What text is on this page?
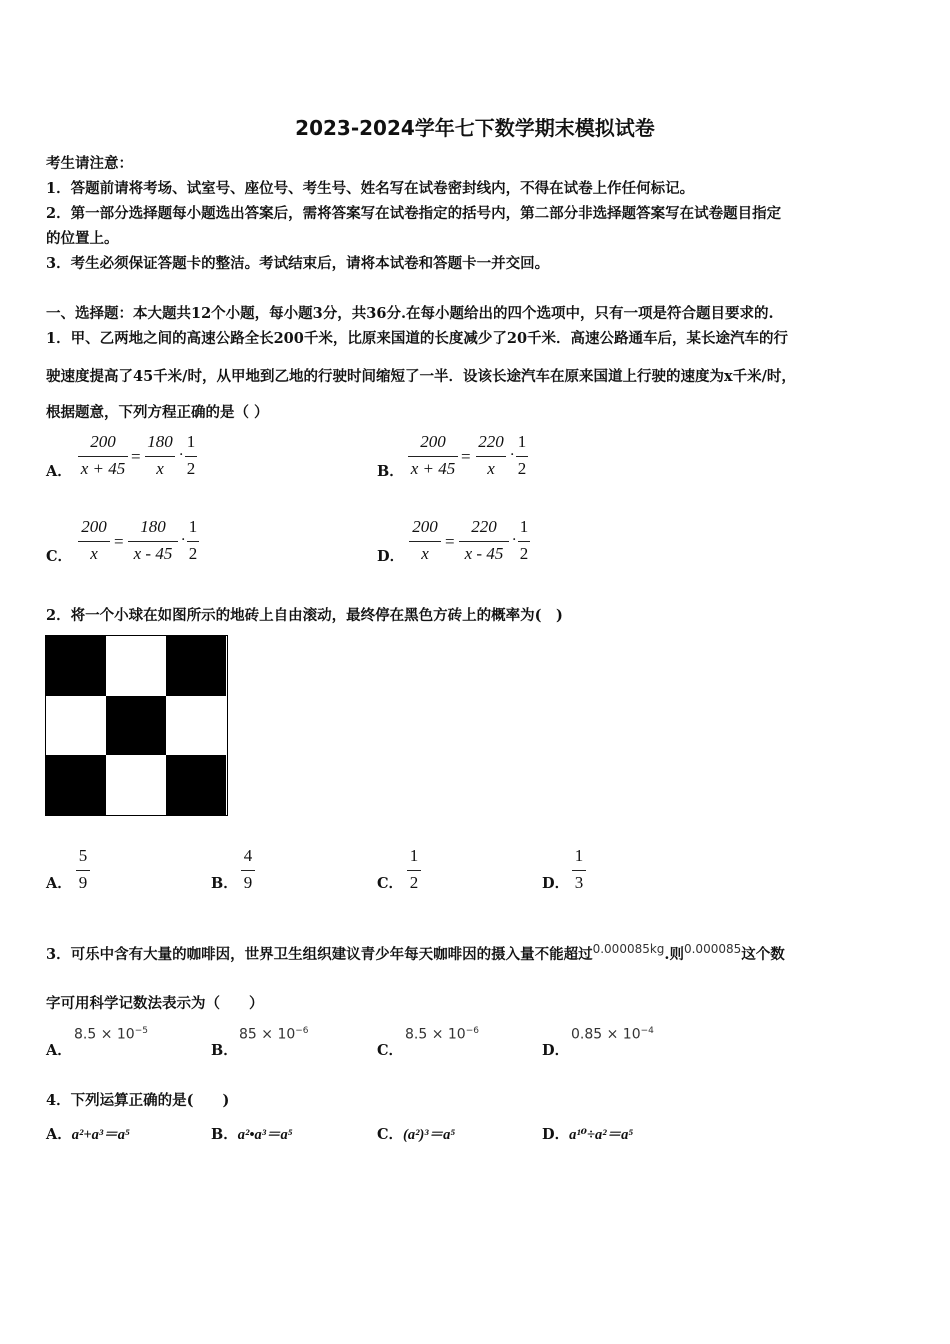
2023-2024学年七下数学期末模拟试卷
考生请注意：
1．答题前请将考场、试室号、座位号、考生号、姓名写在试卷密封线内，不得在试卷上作任何标记。
2．第一部分选择题每小题选出答案后，需将答案写在试卷指定的括号内，第二部分非选择题答案写在试卷题目指定
的位置上。
3．考生必须保证答题卡的整洁。考试结束后，请将本试卷和答题卡一并交回。
一、选择题：本大题共12个小题，每小题3分，共36分.在每小题给出的四个选项中，只有一项是符合题目要求的.
1．甲、乙两地之间的高速公路全长200千米，比原来国道的长度减少了20千米．高速公路通车后，某长途汽车的行
驶速度提高了45千米/时，从甲地到乙地的行驶时间缩短了一半．设该长途汽车在原来国道上行驶的速度为x千米/时，
根据题意，下列方程正确的是（ ）
A．
200
x + 45
=
180
x
·
1
2	B．
200
x + 45
=
220
x
·
1
2
C．
200
x
=
180
x - 45
·
1
2	D．
200
x
=
220
x - 45
·
1
2
2．将一个小球在如图所示的地砖上自由滚动，最终停在黑色方砖上的概率为(　)
A．
5
9	B．
4
9	C．
1
2	D．
1
3
3．可乐中含有大量的咖啡因，世界卫生组织建议青少年每天咖啡因的摄入量不能超过$^{0.000085kg}$.则$^{0.000085}$这个数
字可用科学记数法表示为（　　）
A．
$8.5 \times 10^{-5}$
B．
$85 \times 10^{-6}$
C．
$8.5 \times 10^{-6}$
D．
$0.85 \times 10^{-4}$
4．下列运算正确的是(　　)
A．a²+a³＝a⁵	B．a²•a³＝a⁵	C．(a²)³＝a⁵	D．a¹⁰÷a²＝a⁵
